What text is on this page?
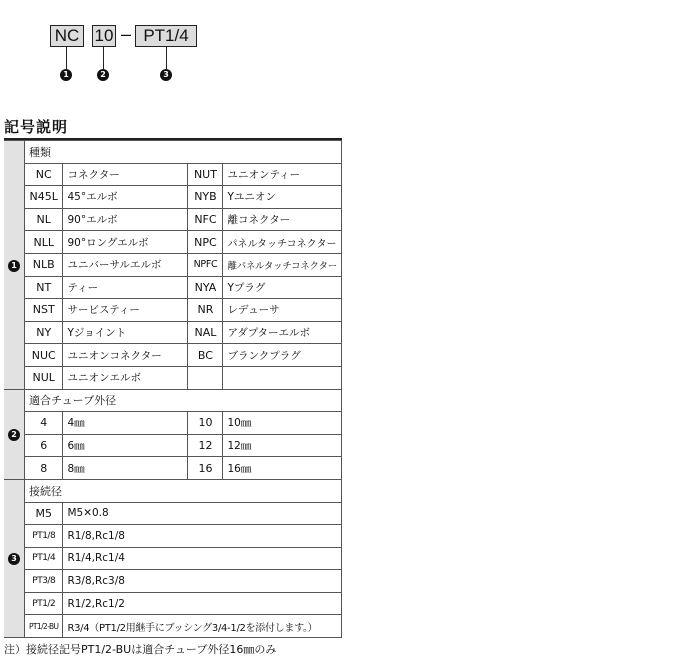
NC 10 – PT1/4
1	2	3
記号説明
1	種類			
	NC	コネクター	NUT	ユニオンティー
	N45L	45°エルボ	NYB	Yユニオン
	NL	90°エルボ	NFC	離コネクター
	NLL	90°ロングエルボ	NPC	パネルタッチコネクター
	NLB	ユニバーサルエルボ	NPFC	離パネルタッチコネクター
	NT	ティー	NYA	Yプラグ
	NST	サービスティー	NR	レデューサ
	NY	Yジョイント	NAL	アダプターエルボ
	NUC	ユニオンコネクター	BC	ブランクプラグ
	NUL	ユニオンエルボ		
2	適合チューブ外径			
	4	4㎜	10	10㎜
	6	6㎜	12	12㎜
	8	8㎜	16	16㎜
3	接続径			
	M5	M5✕0.8		
	PT1/8	R1/8,Rc1/8		
	PT1/4	R1/4,Rc1/4		
	PT3/8	R3/8,Rc3/8		
	PT1/2	R1/2,Rc1/2		
	PT1/2-BU	R3/4（PT1/2用継手にブッシング3/4-1/2を添付します。）		
注）接続径記号PT1/2-BUは適合チューブ外径16㎜のみ
